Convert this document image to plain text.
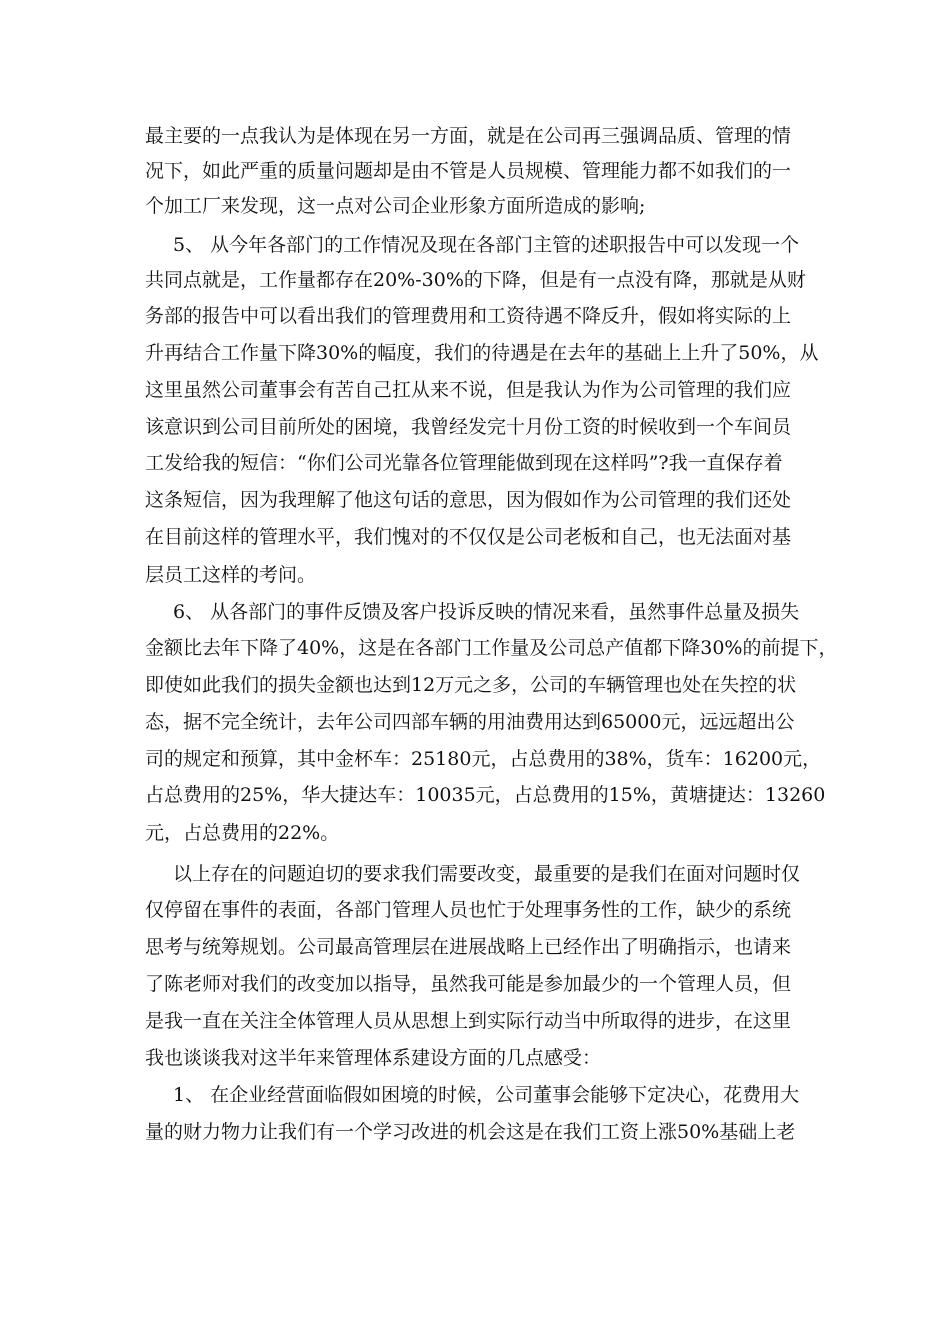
最主要的一点我认为是体现在另一方面，就是在公司再三强调品质、管理的情

况下，如此严重的质量问题却是由不管是人员规模、管理能力都不如我们的一

个加工厂来发现，这一点对公司企业形象方面所造成的影响;

5、 从今年各部门的工作情况及现在各部门主管的述职报告中可以发现一个

共同点就是，工作量都存在20%-30%的下降，但是有一点没有降，那就是从财

务部的报告中可以看出我们的管理费用和工资待遇不降反升，假如将实际的上

升再结合工作量下降30%的幅度，我们的待遇是在去年的基础上上升了50%，从

这里虽然公司董事会有苦自己扛从来不说，但是我认为作为公司管理的我们应

该意识到公司目前所处的困境，我曾经发完十月份工资的时候收到一个车间员

工发给我的短信：“你们公司光靠各位管理能做到现在这样吗”?我一直保存着

这条短信，因为我理解了他这句话的意思，因为假如作为公司管理的我们还处

在目前这样的管理水平，我们愧对的不仅仅是公司老板和自己，也无法面对基

层员工这样的考问。

6、 从各部门的事件反馈及客户投诉反映的情况来看，虽然事件总量及损失

金额比去年下降了40%，这是在各部门工作量及公司总产值都下降30%的前提下，

即使如此我们的损失金额也达到12万元之多，公司的车辆管理也处在失控的状

态，据不完全统计，去年公司四部车辆的用油费用达到65000元，远远超出公

司的规定和预算，其中金杯车：25180元，占总费用的38%，货车：16200元，

占总费用的25%，华大捷达车：10035元，占总费用的15%，黄塘捷达：13260

元，占总费用的22%。

以上存在的问题迫切的要求我们需要改变，最重要的是我们在面对问题时仅

仅停留在事件的表面，各部门管理人员也忙于处理事务性的工作，缺少的系统

思考与统筹规划。公司最高管理层在进展战略上已经作出了明确指示，也请来

了陈老师对我们的改变加以指导，虽然我可能是参加最少的一个管理人员，但

是我一直在关注全体管理人员从思想上到实际行动当中所取得的进步，在这里

我也谈谈我对这半年来管理体系建设方面的几点感受：

1、 在企业经营面临假如困境的时候，公司董事会能够下定决心，花费用大

量的财力物力让我们有一个学习改进的机会这是在我们工资上涨50%基础上老
